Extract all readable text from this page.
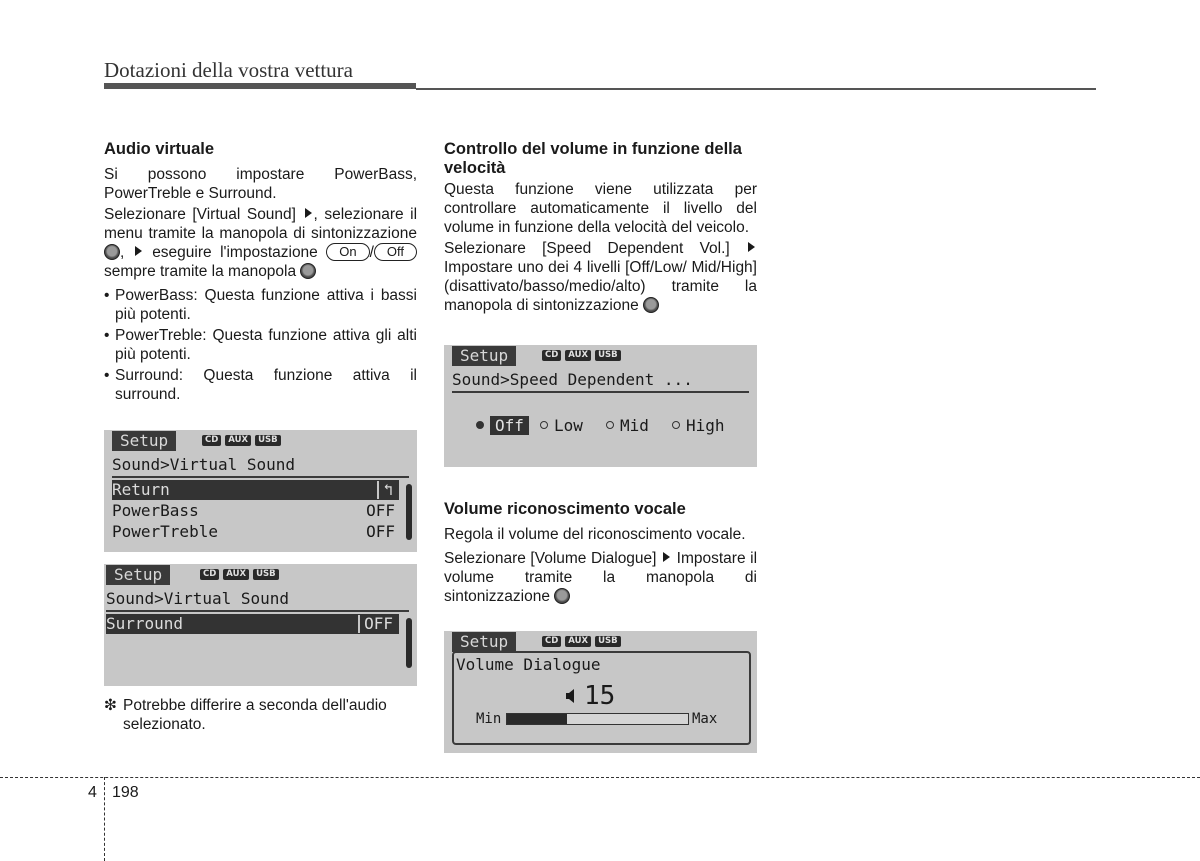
Dotazioni della vostra vettura
Audio virtuale

Si possono impostare PowerBass, PowerTreble e Surround.

Selezionare [Virtual Sound] , selezionare il menu tramite la manopola di sintonizzazione , eseguire l'impostazione On / Off sempre tramite la manopola

• PowerBass: Questa funzione attiva i bassi più potenti.
• PowerTreble: Questa funzione attiva gli alti più potenti.
• Surround: Questa funzione attiva il surround.
Setup	CD	AUX	USB
Sound>Virtual Sound
Return	↰
PowerBass	OFF
PowerTreble	OFF
Setup	CD	AUX	USB
Sound>Virtual Sound
Surround	OFF
❇ Potrebbe differire a seconda dell'audio selezionato.
Controllo del volume in funzione della velocità

Questa funzione viene utilizzata per controllare automaticamente il livello del volume in funzione della velocità del veicolo.

Selezionare [Speed Dependent Vol.]  Impostare uno dei 4 livelli [Off/Low/ Mid/High] (disattivato/basso/medio/alto) tramite la manopola di sintonizzazione

Setup	CD	AUX	USB
Sound>Speed Dependent ...
Off	Low	Mid	High
Volume riconoscimento vocale

Regola il volume del riconoscimento vocale.

Selezionare [Volume Dialogue] Impostare il volume tramite la manopola di sintonizzazione

Setup	CD	AUX	USB
Volume Dialogue
15
Min	Max
4 198
